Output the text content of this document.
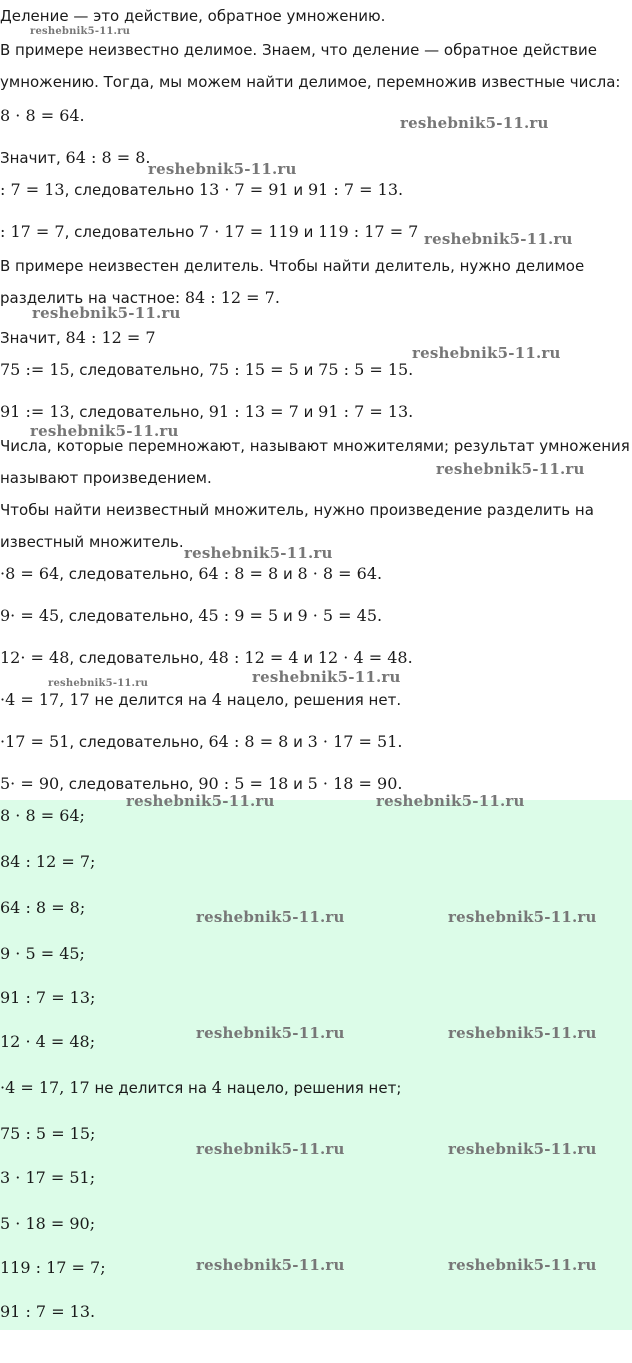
Деление — это действие, обратное умножению.
В примере неизвестно делимое. Знаем, что деление — обратное действие
умножению. Тогда, мы можем найти делимое, перемножив известные числа:
8 · 8 = 64.
Значит, 64 : 8 = 8.
: 7 = 13, следовательно 13 · 7 = 91 и 91 : 7 = 13.
: 17 = 7, следовательно 7 · 17 = 119 и 119 : 17 = 7
В примере неизвестен делитель. Чтобы найти делитель, нужно делимое
разделить на частное: 84 : 12 = 7.
Значит, 84 : 12 = 7
75 := 15, следовательно, 75 : 15 = 5 и 75 : 5 = 15.
91 := 13, следовательно, 91 : 13 = 7 и 91 : 7 = 13.
Числа, которые перемножают, называют множителями; результат умножения
называют произведением.
Чтобы найти неизвестный множитель, нужно произведение разделить на
известный множитель.
·8 = 64, следовательно, 64 : 8 = 8 и 8 · 8 = 64.
9· = 45, следовательно, 45 : 9 = 5 и 9 · 5 = 45.
12· = 48, следовательно, 48 : 12 = 4 и 12 · 4 = 48.
·4 = 17, 17 не делится на 4 нацело, решения нет.
·17 = 51, следовательно, 64 : 8 = 8 и 3 · 17 = 51.
5· = 90, следовательно, 90 : 5 = 18 и 5 · 18 = 90.
8 · 8 = 64;
84 : 12 = 7;
64 : 8 = 8;
9 · 5 = 45;
91 : 7 = 13;
12 · 4 = 48;
·4 = 17, 17 не делится на 4 нацело, решения нет;
75 : 5 = 15;
3 · 17 = 51;
5 · 18 = 90;
119 : 17 = 7;
91 : 7 = 13.
reshebnik5-11.ru
reshebnik5-11.ru
reshebnik5-11.ru
reshebnik5-11.ru
reshebnik5-11.ru
reshebnik5-11.ru
reshebnik5-11.ru
reshebnik5-11.ru
reshebnik5-11.ru
reshebnik5-11.ru	reshebnik5-11.ru
reshebnik5-11.ru	reshebnik5-11.ru
reshebnik5-11.ru	reshebnik5-11.ru
reshebnik5-11.ru	reshebnik5-11.ru
reshebnik5-11.ru	reshebnik5-11.ru
reshebnik5-11.ru	reshebnik5-11.ru
